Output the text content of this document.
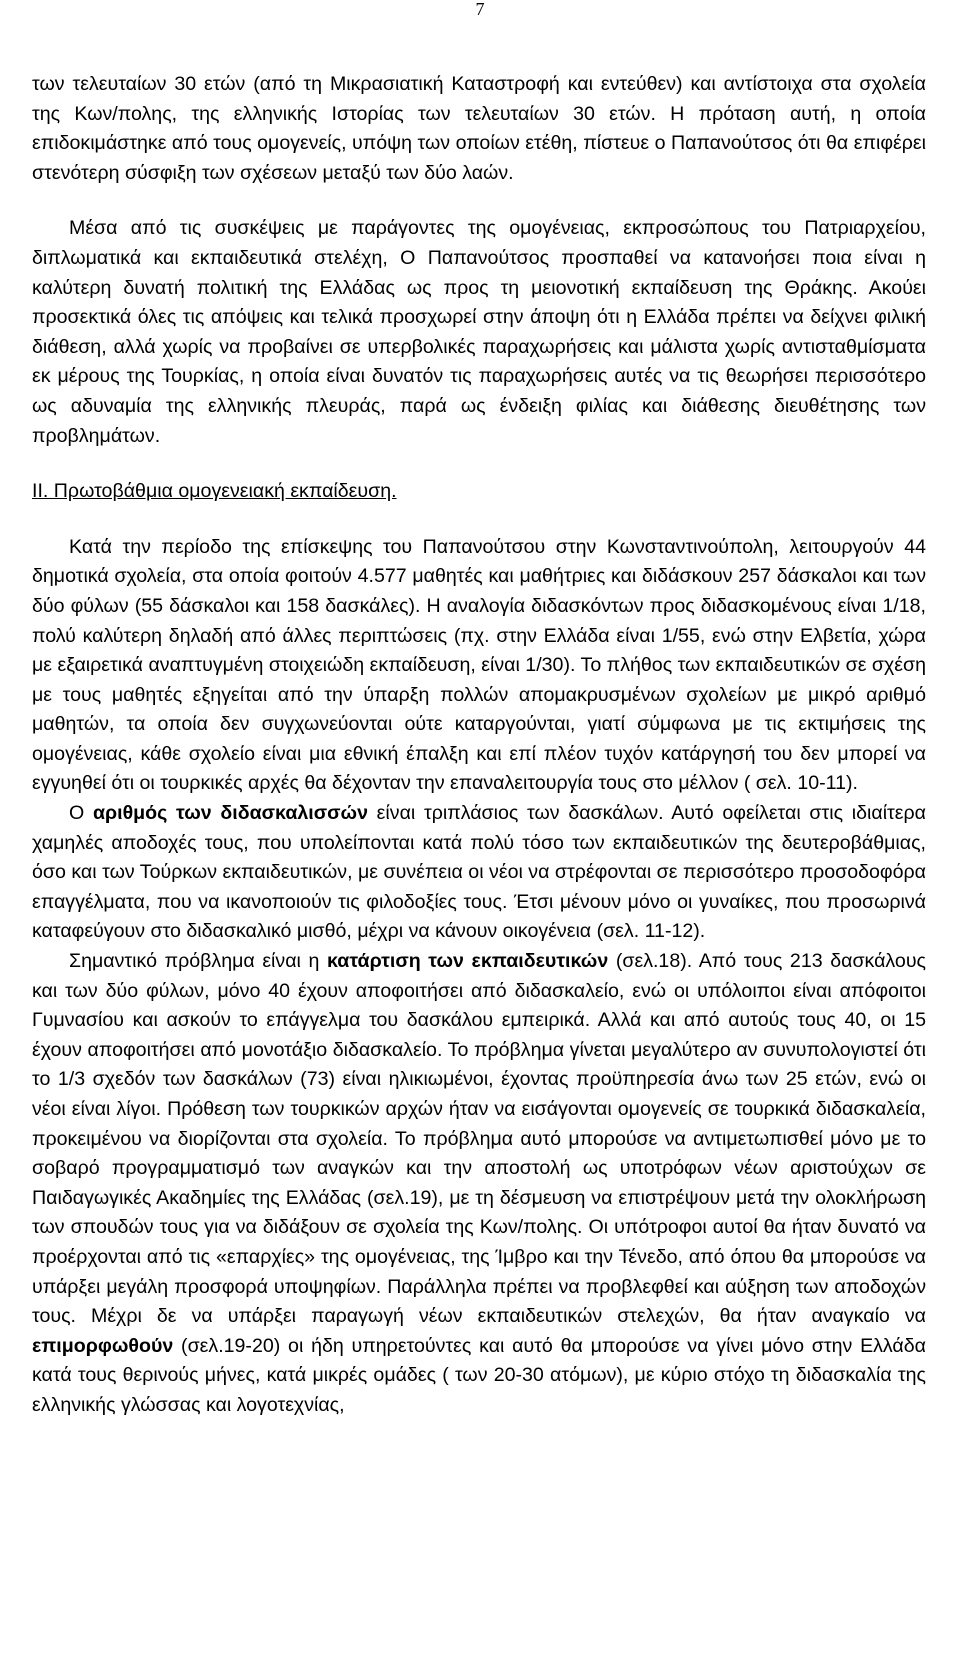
7

των τελευταίων 30 ετών (από τη Μικρασιατική Καταστροφή και εντεύθεν) και αντίστοιχα στα σχολεία της Κων/πολης, της ελληνικής Ιστορίας των τελευταίων 30 ετών. Η πρόταση αυτή, η οποία επιδοκιμάστηκε από τους ομογενείς, υπόψη των οποίων ετέθη, πίστευε ο Παπανούτσος ότι θα επιφέρει στενότερη σύσφιξη των σχέσεων μεταξύ των δύο λαών.

Μέσα από τις συσκέψεις με παράγοντες της ομογένειας, εκπροσώπους του Πατριαρχείου, διπλωματικά και εκπαιδευτικά στελέχη, Ο Παπανούτσος προσπαθεί να κατανοήσει ποια είναι η καλύτερη δυνατή πολιτική της Ελλάδας ως προς τη μειονοτική εκπαίδευση της Θράκης. Ακούει προσεκτικά όλες τις απόψεις και τελικά προσχωρεί στην άποψη ότι η Ελλάδα πρέπει να δείχνει φιλική διάθεση, αλλά χωρίς να προβαίνει σε υπερβολικές παραχωρήσεις και μάλιστα χωρίς αντισταθμίσματα εκ μέρους της Τουρκίας, η οποία είναι δυνατόν τις παραχωρήσεις αυτές να τις θεωρήσει περισσότερο ως αδυναμία της ελληνικής πλευράς, παρά ως ένδειξη φιλίας και διάθεσης διευθέτησης των προβλημάτων.

ΙΙ. Πρωτοβάθμια ομογενειακή εκπαίδευση.

Κατά την περίοδο της επίσκεψης του Παπανούτσου στην Κωνσταντινούπολη, λειτουργούν 44 δημοτικά σχολεία, στα οποία φοιτούν 4.577 μαθητές και μαθήτριες και διδάσκουν 257 δάσκαλοι και των δύο φύλων (55 δάσκαλοι και 158 δασκάλες). Η αναλογία διδασκόντων προς διδασκομένους είναι 1/18, πολύ καλύτερη δηλαδή από άλλες περιπτώσεις (πχ. στην Ελλάδα είναι 1/55, ενώ στην Ελβετία, χώρα με εξαιρετικά αναπτυγμένη στοιχειώδη εκπαίδευση, είναι 1/30). Το πλήθος των εκπαιδευτικών σε σχέση με τους μαθητές εξηγείται από την ύπαρξη πολλών απομακρυσμένων σχολείων με μικρό αριθμό μαθητών, τα οποία δεν συγχωνεύονται ούτε καταργούνται, γιατί σύμφωνα με τις εκτιμήσεις της ομογένειας, κάθε σχολείο είναι μια εθνική έπαλξη και επί πλέον τυχόν κατάργησή του δεν μπορεί να εγγυηθεί ότι οι τουρκικές αρχές θα δέχονταν την επαναλειτουργία τους στο μέλλον ( σελ. 10-11).

Ο αριθμός των διδασκαλισσών είναι τριπλάσιος των δασκάλων. Αυτό οφείλεται στις ιδιαίτερα χαμηλές αποδοχές τους, που υπολείπονται κατά πολύ τόσο των εκπαιδευτικών της δευτεροβάθμιας, όσο και των Τούρκων εκπαιδευτικών, με συνέπεια οι νέοι να στρέφονται σε περισσότερο προσοδοφόρα επαγγέλματα, που να ικανοποιούν τις φιλοδοξίες τους. Έτσι μένουν μόνο οι γυναίκες, που προσωρινά καταφεύγουν στο διδασκαλικό μισθό, μέχρι να κάνουν οικογένεια (σελ. 11-12).

Σημαντικό πρόβλημα είναι η κατάρτιση των εκπαιδευτικών (σελ.18). Από τους 213 δασκάλους και των δύο φύλων, μόνο 40 έχουν αποφοιτήσει από διδασκαλείο, ενώ οι υπόλοιποι είναι απόφοιτοι Γυμνασίου και ασκούν το επάγγελμα του δασκάλου εμπειρικά. Αλλά και από αυτούς τους 40, οι 15 έχουν αποφοιτήσει από μονοτάξιο διδασκαλείο. Το πρόβλημα γίνεται μεγαλύτερο αν συνυπολογιστεί ότι το 1/3 σχεδόν των δασκάλων (73) είναι ηλικιωμένοι, έχοντας προϋπηρεσία άνω των 25 ετών, ενώ οι νέοι είναι λίγοι. Πρόθεση των τουρκικών αρχών ήταν να εισάγονται ομογενείς σε τουρκικά διδασκαλεία, προκειμένου να διορίζονται στα σχολεία. Το πρόβλημα αυτό μπορούσε να αντιμετωπισθεί μόνο με το σοβαρό προγραμματισμό των αναγκών και την αποστολή ως υποτρόφων νέων αριστούχων σε Παιδαγωγικές Ακαδημίες της Ελλάδας (σελ.19), με τη δέσμευση να επιστρέψουν μετά την ολοκλήρωση των σπουδών τους για να διδάξουν σε σχολεία της Κων/πολης. Οι υπότροφοι αυτοί θα ήταν δυνατό να προέρχονται από τις «επαρχίες» της ομογένειας, της Ίμβρο και την Τένεδο, από όπου θα μπορούσε να υπάρξει μεγάλη προσφορά υποψηφίων. Παράλληλα πρέπει να προβλεφθεί και αύξηση των αποδοχών τους. Μέχρι δε να υπάρξει παραγωγή νέων εκπαιδευτικών στελεχών, θα ήταν αναγκαίο να επιμορφωθούν (σελ.19-20) οι ήδη υπηρετούντες και αυτό θα μπορούσε να γίνει μόνο στην Ελλάδα κατά τους θερινούς μήνες, κατά μικρές ομάδες ( των 20-30 ατόμων), με κύριο στόχο τη διδασκαλία της ελληνικής γλώσσας και λογοτεχνίας,
